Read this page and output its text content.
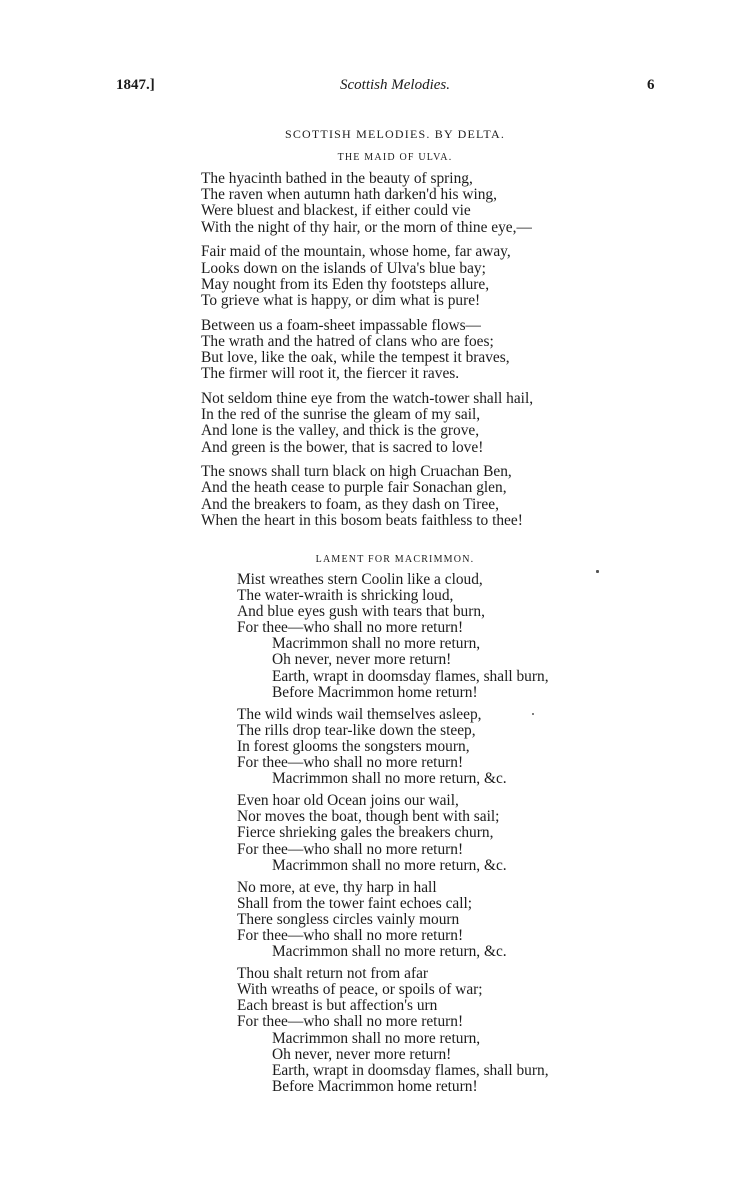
1847.]	Scottish Melodies.	6
SCOTTISH MELODIES. BY DELTA.
THE MAID OF ULVA.
The hyacinth bathed in the beauty of spring,
The raven when autumn hath darken'd his wing,
Were bluest and blackest, if either could vie
With the night of thy hair, or the morn of thine eye,—
Fair maid of the mountain, whose home, far away,
Looks down on the islands of Ulva's blue bay;
May nought from its Eden thy footsteps allure,
To grieve what is happy, or dim what is pure!
Between us a foam-sheet impassable flows—
The wrath and the hatred of clans who are foes;
But love, like the oak, while the tempest it braves,
The firmer will root it, the fiercer it raves.
Not seldom thine eye from the watch-tower shall hail,
In the red of the sunrise the gleam of my sail,
And lone is the valley, and thick is the grove,
And green is the bower, that is sacred to love!
The snows shall turn black on high Cruachan Ben,
And the heath cease to purple fair Sonachan glen,
And the breakers to foam, as they dash on Tiree,
When the heart in this bosom beats faithless to thee!
LAMENT FOR MACRIMMON.
Mist wreathes stern Coolin like a cloud,
The water-wraith is shricking loud,
And blue eyes gush with tears that burn,
For thee—who shall no more return!
Macrimmon shall no more return,
Oh never, never more return!
Earth, wrapt in doomsday flames, shall burn,
Before Macrimmon home return!
The wild winds wail themselves asleep,
The rills drop tear-like down the steep,
In forest glooms the songsters mourn,
For thee—who shall no more return!
Macrimmon shall no more return, &c.
Even hoar old Ocean joins our wail,
Nor moves the boat, though bent with sail;
Fierce shrieking gales the breakers churn,
For thee—who shall no more return!
Macrimmon shall no more return, &c.
No more, at eve, thy harp in hall
Shall from the tower faint echoes call;
There songless circles vainly mourn
For thee—who shall no more return!
Macrimmon shall no more return, &c.
Thou shalt return not from afar
With wreaths of peace, or spoils of war;
Each breast is but affection's urn
For thee—who shall no more return!
Macrimmon shall no more return,
Oh never, never more return!
Earth, wrapt in doomsday flames, shall burn,
Before Macrimmon home return!
